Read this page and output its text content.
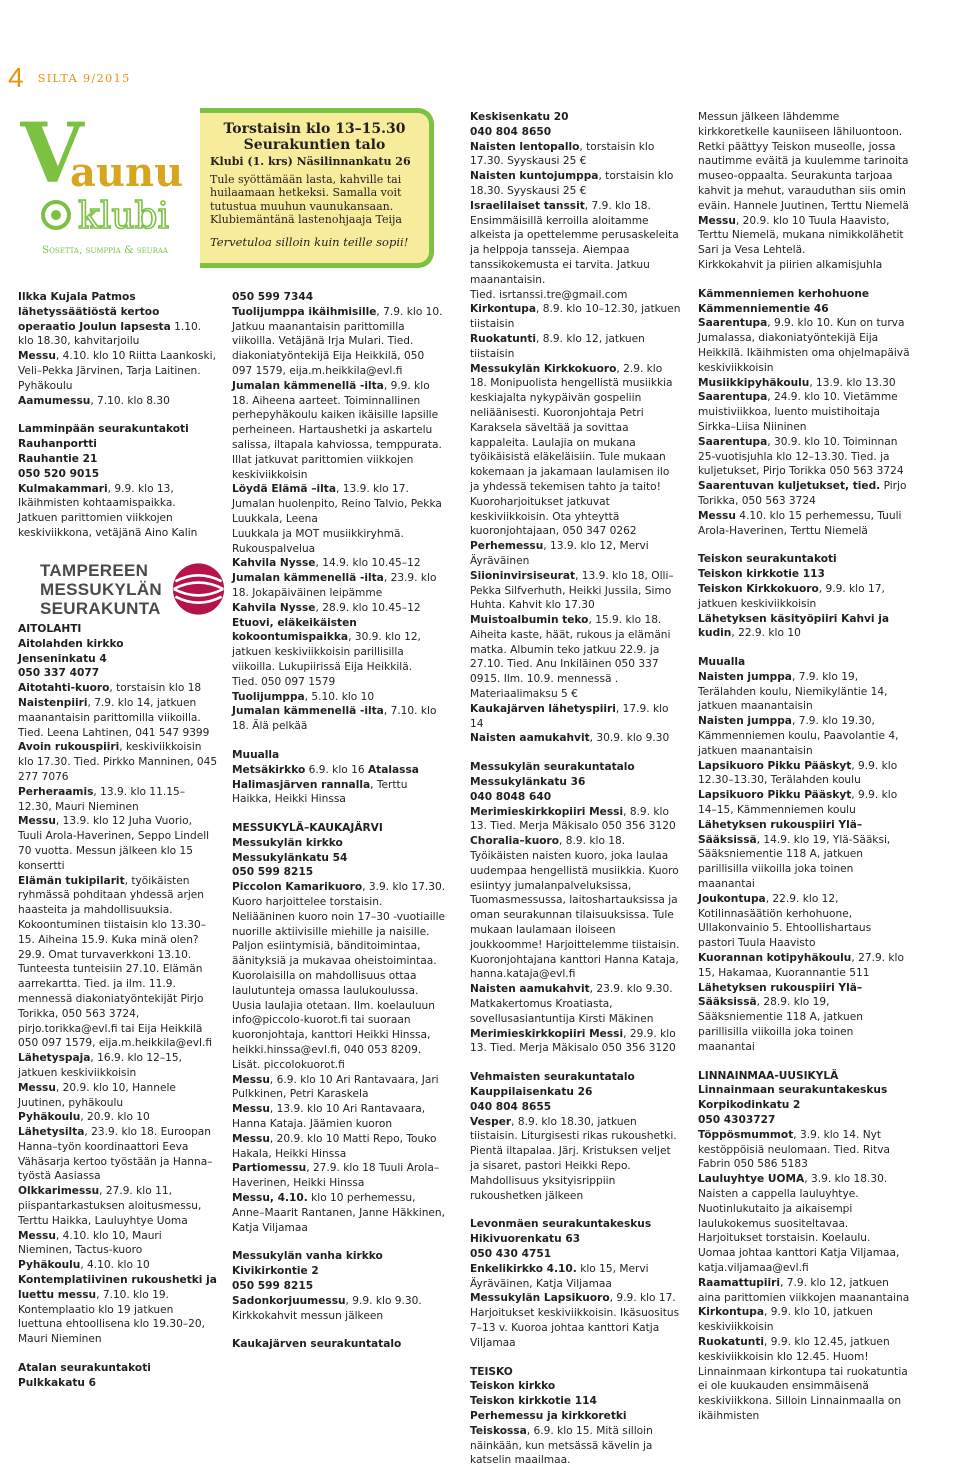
4 SILTA 9/2015
V
aunu
klubi
Sosetta, sumppia & seuraa
Torstaisin klo 13–15.30 Seurakuntien talo
Klubi (1. krs) Näsilinnankatu 26
Tule syöttämään lasta, kahville tai huilaamaan hetkeksi. Samalla voit tutustua muuhun vaunukansaan. Klubiemäntänä lastenohjaaja Teija
Tervetuloa silloin kuin teille sopii!

Ilkka Kujala Patmos lähetyssäätiöstä kertoo operaatio Joulun lapsesta 1.10. klo 18.30, kahvitarjoilu

Messu, 4.10. klo 10 Riitta Laankoski, Veli–Pekka Järvinen, Tarja Laitinen.

Pyhäkoulu

Aamumessu, 7.10. klo 8.30

Lamminpään seurakuntakoti

Rauhanportti

Rauhantie 21

050 520 9015

Kulmakammari, 9.9. klo 13, Ikäihmisten kohtaamispaikka. Jatkuen parittomien viikkojen keskiviikkona, vetäjänä Aino Kalin

TAMPEREEN
MESSUKYLÄN
SEURAKUNTA

AITOLAHTI

Aitolahden kirkko

Jenseninkatu 4

050 337 4077

Aitotahti-kuoro, torstaisin klo 18

Naistenpiiri, 7.9. klo 14, jatkuen maanantaisin parittomilla viikoilla. Tied. Leena Lahtinen, 041 547 9399

Avoin rukouspiiri, keskiviikkoisin klo 17.30. Tied. Pirkko Manninen, 045 277 7076

Perheraamis, 13.9. klo 11.15–12.30, Mauri Nieminen

Messu, 13.9. klo 12 Juha Vuorio, Tuuli Arola-Haverinen, Seppo Lindell

70 vuotta. Messun jälkeen klo 15 konsertti

Elämän tukipilarit, työikäisten ryhmässä pohditaan yhdessä arjen haasteita ja mahdollisuuksia. Kokoontuminen tiistaisin klo 13.30–15. Aiheina 15.9. Kuka minä olen? 29.9. Omat turvaverkkoni 13.10. Tunteesta tunteisiin 27.10. Elämän aarrekartta. Tied. ja ilm. 11.9. mennessä diakoniatyöntekijät Pirjo Torikka, 050 563 3724, pirjo.torikka@evl.fi tai Eija Heikkilä 050 097 1579, eija.m.heikkila@evl.fi

Lähetyspaja, 16.9. klo 12–15, jatkuen keskiviikkoisin

Messu, 20.9. klo 10, Hannele Juutinen, pyhäkoulu

Pyhäkoulu, 20.9. klo 10

Lähetysilta, 23.9. klo 18. Euroopan Hanna–työn koordinaattori Eeva Vähäsarja kertoo työstään ja Hanna–työstä Aasiassa

Olkkarimessu, 27.9. klo 11, piispantarkastuksen aloitusmessu, Terttu Haikka, Lauluyhtye Uoma

Messu, 4.10. klo 10, Mauri Nieminen, Tactus-kuoro

Pyhäkoulu, 4.10. klo 10

Kontemplatiivinen rukoushetki ja luettu messu, 7.10. klo 19. Kontemplaatio klo 19 jatkuen luettuna ehtoollisena klo 19.30–20, Mauri Nieminen

Atalan seurakuntakoti

Pulkkakatu 6

050 599 7344

Tuolijumppa ikäihmisille, 7.9. klo 10. Jatkuu maanantaisin parittomilla viikoilla. Vetäjänä Irja Mulari. Tied. diakoniatyöntekijä Eija Heikkilä, 050 097 1579, eija.m.heikkila@evl.fi

Jumalan kämmenellä -ilta, 9.9. klo 18. Aiheena aarteet. Toiminnallinen perhepyhäkoulu kaiken ikäisille lapsille perheineen. Hartaushetki ja askartelu salissa, iltapala kahviossa, temppurata. Illat jatkuvat parittomien viikkojen keskiviikkoisin

Löydä Elämä –ilta, 13.9. klo 17. Jumalan huolenpito, Reino Talvio, Pekka Luukkala, Leena

Luukkala ja MOT musiikkiryhmä. Rukouspalvelua

Kahvila Nysse, 14.9. klo 10.45–12

Jumalan kämmenellä -ilta, 23.9. klo 18. Jokapäiväinen leipämme

Kahvila Nysse, 28.9. klo 10.45–12

Etuovi, eläkeikäisten kokoontumispaikka, 30.9. klo 12, jatkuen keskiviikkoisin parillisilla viikoilla. Lukupiirissä Eija Heikkilä.

Tied. 050 097 1579

Tuolijumppa, 5.10. klo 10

Jumalan kämmenellä -ilta, 7.10. klo 18. Älä pelkää

Muualla

Metsäkirkko 6.9. klo 16 Atalassa Halimasjärven rannalla, Terttu Haikka, Heikki Hinssa

MESSUKYLÄ–KAUKAJÄRVI

Messukylän kirkko

Messukylänkatu 54

050 599 8215

Piccolon Kamarikuoro, 3.9. klo 17.30. Kuoro harjoittelee torstaisin. Neliääninen kuoro noin 17–30 -vuotiaille nuorille aktiivisille miehille ja naisille. Paljon esiintymisiä, bänditoimintaa, äänityksiä ja mukavaa oheistoimintaa. Kuorolaisilla on mahdollisuus ottaa laulutunteja omassa laulukoulussa. Uusia laulajia otetaan. Ilm. koelauluun info@piccolo-kuorot.fi tai suoraan kuoronjohtaja, kanttori Heikki Hinssa, heikki.hinssa@evl.fi, 040 053 8209. Lisät. piccolokuorot.fi

Messu, 6.9. klo 10 Ari Rantavaara, Jari Pulkkinen, Petri Karaskela

Messu, 13.9. klo 10 Ari Rantavaara, Hanna Kataja. Jäämien kuoron

Messu, 20.9. klo 10 Matti Repo, Touko Hakala, Heikki Hinssa

Partiomessu, 27.9. klo 18 Tuuli Arola–Haverinen, Heikki Hinssa

Messu, 4.10. klo 10 perhemessu, Anne–Maarit Rantanen, Janne Häkkinen, Katja Viljamaa

Messukylän vanha kirkko

Kivikirkontie 2

050 599 8215

Sadonkorjuumessu, 9.9. klo 9.30. Kirkkokahvit messun jälkeen

Kaukajärven seurakuntatalo

Keskisenkatu 20

040 804 8650

Naisten lentopallo, torstaisin klo 17.30. Syyskausi 25 €

Naisten kuntojumppa, torstaisin klo 18.30. Syyskausi 25 €

Israelilaiset tanssit, 7.9. klo 18. Ensimmäisillä kerroilla aloitamme alkeista ja opettelemme perusaskeleita ja helppoja tansseja. Aiempaa tanssikokemusta ei tarvita. Jatkuu maanantaisin.

Tied. isrtanssi.tre@gmail.com

Kirkontupa, 8.9. klo 10–12.30, jatkuen tiistaisin

Ruokatunti, 8.9. klo 12, jatkuen tiistaisin

Messukylän Kirkkokuoro, 2.9. klo 18. Monipuolista hengellistä musiikkia keskiajalta nykypäivän gospeliin neliäänisesti. Kuoronjohtaja Petri Karaksela säveltää ja sovittaa kappaleita. Laulajia on mukana työikäisistä eläkeläisiin. Tule mukaan kokemaan ja jakamaan laulamisen ilo ja yhdessä tekemisen tahto ja taito! Kuoroharjoitukset jatkuvat keskiviikkoisin. Ota yhteyttä kuoronjohtajaan, 050 347 0262

Perhemessu, 13.9. klo 12, Mervi Äyräväinen

Siioninvirsiseurat, 13.9. klo 18, Olli–Pekka Silfverhuth, Heikki Jussila, Simo Huhta. Kahvit klo 17.30

Muistoalbumin teko, 15.9. klo 18. Aiheita kaste, häät, rukous ja elämäni matka. Albumin teko jatkuu 22.9. ja 27.10. Tied. Anu Inkiläinen 050 337 0915. Ilm. 10.9. mennessä . Materiaalimaksu 5 €

Kaukajärven lähetyspiiri, 17.9. klo 14

Naisten aamukahvit, 30.9. klo 9.30

Messukylän seurakuntatalo

Messukylänkatu 36

040 8048 640

Merimieskirkkopiiri Messi, 8.9. klo 13. Tied. Merja Mäkisalo 050 356 3120

Choralia–kuoro, 8.9. klo 18. Työikäisten naisten kuoro, joka laulaa uudempaa hengellistä musiikkia. Kuoro esiintyy jumalanpalveluksissa, Tuomasmessussa, laitoshartauksissa ja oman seurakunnan tilaisuuksissa. Tule mukaan laulamaan iloiseen joukkoomme! Harjoittelemme tiistaisin. Kuoronjohtajana kanttori Hanna Kataja, hanna.kataja@evl.fi

Naisten aamukahvit, 23.9. klo 9.30. Matkakertomus Kroatiasta, sovellusasiantuntija Kirsti Mäkinen

Merimieskirkkopiiri Messi, 29.9. klo 13. Tied. Merja Mäkisalo 050 356 3120

Vehmaisten seurakuntatalo

Kauppilaisenkatu 26

040 804 8655

Vesper, 8.9. klo 18.30, jatkuen tiistaisin. Liturgisesti rikas rukoushetki. Pientä iltapalaa. Järj. Kristuksen veljet ja sisaret, pastori Heikki Repo. Mahdollisuus yksityisrippiin rukoushetken jälkeen

Levonmäen seurakuntakeskus

Hikivuorenkatu 63

050 430 4751

Enkelikirkko 4.10. klo 15, Mervi Äyräväinen, Katja Viljamaa

Messukylän Lapsikuoro, 9.9. klo 17. Harjoitukset keskiviikkoisin. Ikäsuositus 7–13 v. Kuoroa johtaa kanttori Katja Viljamaa

TEISKO

Teiskon kirkko

Teiskon kirkkotie 114

Perhemessu ja kirkkoretki Teiskossa, 6.9. klo 15. Mitä silloin näinkään, kun metsässä kävelin ja katselin maailmaa.

Messun jälkeen lähdemme kirkkoretkelle kauniiseen lähiluontoon. Retki päättyy Teiskon museolle, jossa nautimme eväitä ja kuulemme tarinoita museo-oppaalta. Seurakunta tarjoaa kahvit ja mehut, varauduthan siis omin eväin. Hannele Juutinen, Terttu Niemelä

Messu, 20.9. klo 10 Tuula Haavisto, Terttu Niemelä, mukana nimikkolähetit Sari ja Vesa Lehtelä.

Kirkkokahvit ja piirien alkamisjuhla

Kämmenniemen kerhohuone

Kämmenniementie 46

Saarentupa, 9.9. klo 10. Kun on turva Jumalassa, diakoniatyöntekijä Eija Heikkilä. Ikäihmisten oma ohjelmapäivä keskiviikkoisin

Musiikkipyhäkoulu, 13.9. klo 13.30

Saarentupa, 24.9. klo 10. Vietämme muistiviikkoa, luento muistihoitaja Sirkka–Liisa Niininen

Saarentupa, 30.9. klo 10. Toiminnan 25-vuotisjuhla klo 12–13.30. Tied. ja kuljetukset, Pirjo Torikka 050 563 3724

Saarentuvan kuljetukset, tied. Pirjo Torikka, 050 563 3724

Messu 4.10. klo 15 perhemessu, Tuuli Arola-Haverinen, Terttu Niemelä

Teiskon seurakuntakoti

Teiskon kirkkotie 113

Teiskon Kirkkokuoro, 9.9. klo 17, jatkuen keskiviikkoisin

Lähetyksen käsityöpiiri Kahvi ja kudin, 22.9. klo 10

Muualla

Naisten jumppa, 7.9. klo 19, Terälahden koulu, Niemikyläntie 14, jatkuen maanantaisin

Naisten jumppa, 7.9. klo 19.30, Kämmenniemen koulu, Paavolantie 4, jatkuen maanantaisin

Lapsikuoro Pikku Pääskyt, 9.9. klo 12.30–13.30, Terälahden koulu

Lapsikuoro Pikku Pääskyt, 9.9. klo 14–15, Kämmenniemen koulu

Lähetyksen rukouspiiri Ylä–Sääksissä, 14.9. klo 19, Ylä-Sääksi, Sääksniementie 118 A, jatkuen parillisilla viikoilla joka toinen maanantai

Joukontupa, 22.9. klo 12, Kotilinnasäätiön kerhohuone, Ullakonvainio 5. Ehtoollishartaus pastori Tuula Haavisto

Kuorannan kotipyhäkoulu, 27.9. klo 15, Hakamaa, Kuorannantie 511

Lähetyksen rukouspiiri Ylä–Sääksissä, 28.9. klo 19, Sääksniementie 118 A, jatkuen parillisilla viikoilla joka toinen maanantai

LINNAINMAA-UUSIKYLÄ

Linnainmaan seurakuntakeskus

Korpikodinkatu 2

050 4303727

Töppösmummot, 3.9. klo 14. Nyt kestöppöisiä neulomaan. Tied. Ritva Fabrin 050 586 5183

Lauluyhtye UOMA, 3.9. klo 18.30. Naisten a cappella lauluyhtye. Nuotinlukutaito ja aikaisempi laulukokemus suositeltavaa. Harjoitukset torstaisin. Koelaulu. Uomaa johtaa kanttori Katja Viljamaa, katja.viljamaa@evl.fi

Raamattupiiri, 7.9. klo 12, jatkuen aina parittomien viikkojen maanantaina

Kirkontupa, 9.9. klo 10, jatkuen keskiviikkoisin

Ruokatunti, 9.9. klo 12.45, jatkuen keskiviikkoisin klo 12.45. Huom! Linnainmaan kirkontupa tai ruokatuntia ei ole kuukauden ensimmäisenä keskiviikkona. Silloin Linnainmaalla on ikäihmisten
